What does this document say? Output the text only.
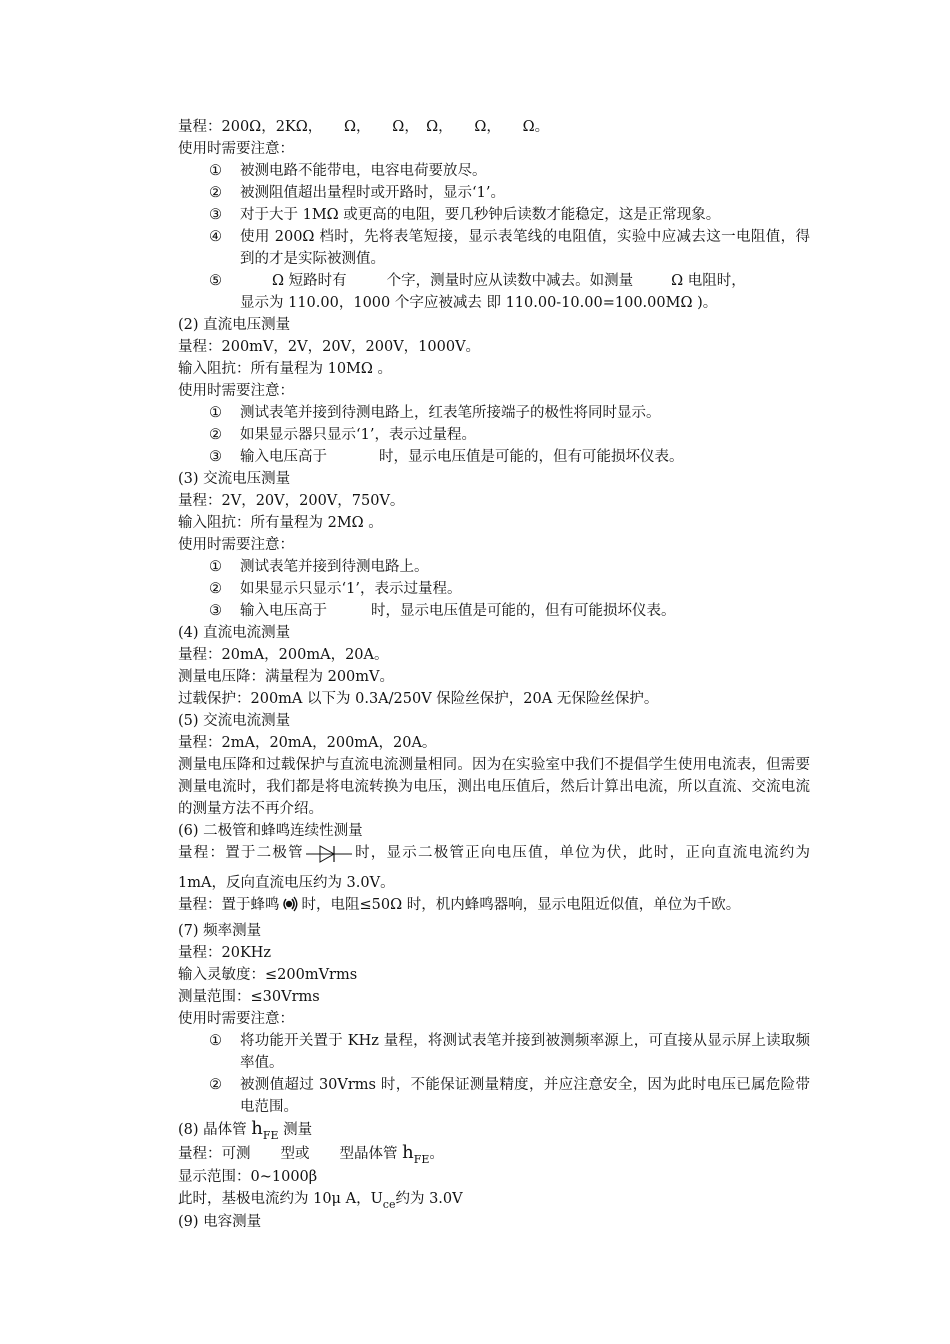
量程：200Ω，2KΩ，　　Ω，　　Ω，　Ω，　　Ω，　　Ω。
使用时需要注意：
① 被测电路不能带电，电容电荷要放尽。
② 被测阻值超出量程时或开路时，显示‘1’。
③ 对于大于 1MΩ 或更高的电阻，要几秒钟后读数才能稳定，这是正常现象。
④ 使用 200Ω 档时，先将表笔短接，显示表笔线的电阻值，实验中应减去这一电阻值，得到的才是实际被测值。
⑤	Ω 短路时有	个字，测量时应从读数中减去。如测量	Ω 电阻时，
显示为 110.00，1000 个字应被减去 即 110.00-10.00=100.00MΩ )。
(2) 直流电压测量
量程：200mV，2V，20V，200V，1000V。
输入阻抗：所有量程为 10MΩ 。
使用时需要注意：
① 测试表笔并接到待测电路上，红表笔所接端子的极性将同时显示。
② 如果显示器只显示‘1’，表示过量程。
③ 输入电压高于	时，显示电压值是可能的，但有可能损坏仪表。
(3) 交流电压测量
量程：2V，20V，200V，750V。
输入阻抗：所有量程为 2MΩ 。
使用时需要注意：
① 测试表笔并接到待测电路上。
② 如果显示只显示‘1’，表示过量程。
③ 输入电压高于	时，显示电压值是可能的，但有可能损坏仪表。
(4) 直流电流测量
量程：20mA，200mA，20A。
测量电压降：满量程为 200mV。
过载保护：200mA 以下为 0.3A/250V 保险丝保护，20A 无保险丝保护。
(5) 交流电流测量
量程：2mA，20mA，200mA，20A。
测量电压降和过载保护与直流电流测量相同。因为在实验室中我们不提倡学生使用电流表，但需要测量电流时，我们都是将电流转换为电压，测出电压值后，然后计算出电流，所以直流、交流电流的测量方法不再介绍。
(6) 二极管和蜂鸣连续性测量
量程：置于二极管	时，显示二极管正向电压值，单位为伏，此时，正向直流电流约为 1mA，反向直流电压约为 3.0V。
量程：置于蜂鸣 时，电阻≤50Ω 时，机内蜂鸣器响，显示电阻近似值，单位为千欧。
(7) 频率测量
量程：20KHz
输入灵敏度：≤200mVrms
测量范围：≤30Vrms
使用时需要注意：
① 将功能开关置于 KHz 量程，将测试表笔并接到被测频率源上，可直接从显示屏上读取频率值。
② 被测值超过 30Vrms 时，不能保证测量精度，并应注意安全，因为此时电压已属危险带电范围。
(8) 晶体管 $h_{FE}$ 测量
量程：可测 型或 型晶体管 $h_{FE}$。
显示范围：0~1000β
此时，基极电流约为 10μ A，$U_{ce}$约为 3.0V
(9) 电容测量
